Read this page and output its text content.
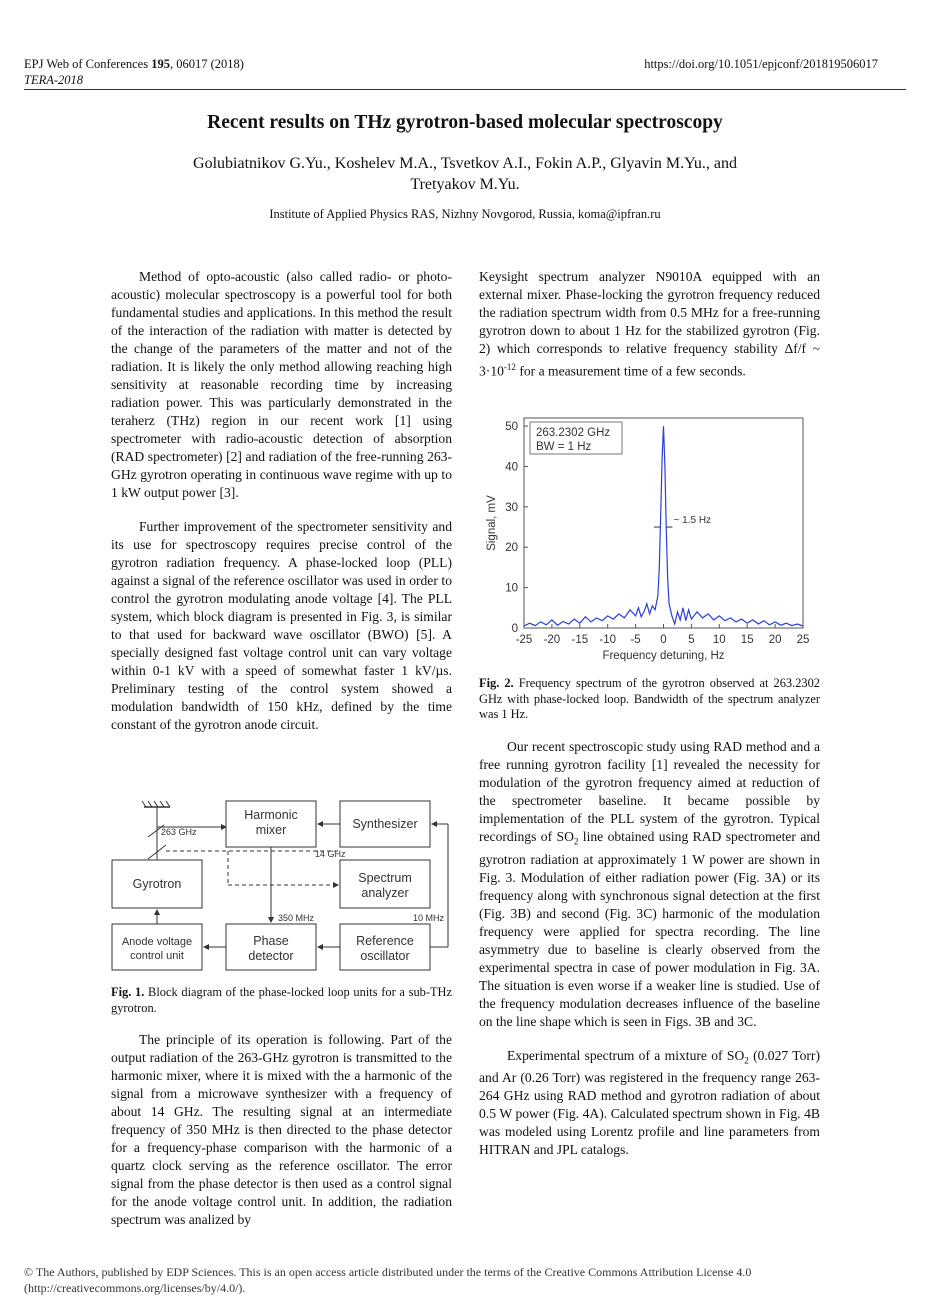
EPJ Web of Conferences 195, 06017 (2018)	https://doi.org/10.1051/epjconf/201819506017
TERA-2018
Recent results on THz gyrotron-based molecular spectroscopy
Golubiatnikov G.Yu., Koshelev M.A., Tsvetkov A.I., Fokin A.P., Glyavin M.Yu., and
Tretyakov M.Yu.
Institute of Applied Physics RAS, Nizhny Novgorod, Russia, koma@ipfran.ru

Method of opto-acoustic (also called radio- or photo-acoustic) molecular spectroscopy is a powerful tool for both fundamental studies and applications. In this method the result of the interaction of the radiation with matter is detected by the change of the parameters of the matter and not of the radiation. It is likely the only method allowing reaching high sensitivity at reasonable recording time by increasing radiation power. This was particularly demonstrated in the teraherz (THz) region in our recent work [1] using spectrometer with radio-acoustic detection of absorption (RAD spectrometer) [2] and radiation of the free-running 263-GHz gyrotron operating in continuous wave regime with up to 1 kW output power [3].

Further improvement of the spectrometer sensitivity and its use for spectroscopy requires precise control of the gyrotron radiation frequency. A phase-locked loop (PLL) against a signal of the reference oscillator was used in order to control the gyrotron modulating anode voltage [4]. The PLL system, which block diagram is presented in Fig. 3, is similar to that used for backward wave oscillator (BWO) [5]. A specially designed fast voltage control unit can vary voltage within 0-1 kV with a speed of somewhat faster 1 kV/µs. Preliminary testing of the control system showed a modulation bandwidth of 150 kHz, defined by the time constant of the gyrotron anode circuit.

Harmonic mixer	Synthesizer
Gyrotron	Spectrum analyzer
Anode voltage control unit
Phase detector
Reference oscillator
263 GHz
14 GHz
350 MHz	10 MHz
Fig. 1. Block diagram of the phase-locked loop units for a sub-THz gyrotron.

The principle of its operation is following. Part of the output radiation of the 263-GHz gyrotron is transmitted to the harmonic mixer, where it is mixed with the a harmonic of the signal from a microwave synthesizer with a frequency of about 14 GHz. The resulting signal at an intermediate frequency of 350 MHz is then directed to the phase detector for a frequency-phase comparison with the harmonic of a quartz clock serving as the reference oscillator. The error signal from the phase detector is then used as a control signal for the anode voltage control unit. In addition, the radiation spectrum was analized by

Keysight spectrum analyzer N9010A equipped with an external mixer. Phase-locking the gyrotron frequency reduced the radiation spectrum width from 0.5 MHz for a free-running gyrotron down to about 1 Hz for the stabilized gyrotron (Fig. 2) which corresponds to relative frequency stability Δf/f ~ $3\cdot 10^{-12}$ for a measurement time of a few seconds.

-25 -20 -15 -10 -5 0 5 10 15 20 25
0
10
20
30
40
50
Frequency detuning, Hz
Signal, mV
263.2302 GHz
BW = 1 Hz
~ 1.5 Hz
Fig. 2. Frequency spectrum of the gyrotron observed at 263.2302 GHz with phase-locked loop. Bandwidth of the spectrum analyzer was 1 Hz.

Our recent spectroscopic study using RAD method and a free running gyrotron facility [1] revealed the necessity for modulation of the gyrotron frequency aimed at reduction of the spectrometer baseline. It became possible by implementation of the PLL system of the gyrotron. Typical recordings of $SO_2$ line obtained using RAD spectrometer and gyrotron radiation at approximately 1 W power are shown in Fig. 3. Modulation of either radiation power (Fig. 3A) or its frequency along with synchronous signal detection at the first (Fig. 3B) and second (Fig. 3C) harmonic of the modulation frequency were applied for spectra recording. The line asymmetry due to baseline is clearly observed from the experimental spectra in case of power modulation in Fig. 3A. The situation is even worse if a weaker line is studied. Use of the frequency modulation decreases influence of the baseline on the line shape which is seen in Figs. 3B and 3C.

Experimental spectrum of a mixture of $SO_2$ (0.027 Torr) and Ar (0.26 Torr) was registered in the frequency range 263-264 GHz using RAD method and gyrotron radiation of about 0.5 W power (Fig. 4A). Calculated spectrum shown in Fig. 4B was modeled using Lorentz profile and line parameters from HITRAN and JPL catalogs.

© The Authors, published by EDP Sciences. This is an open access article distributed under the terms of the Creative Commons Attribution License 4.0
(http://creativecommons.org/licenses/by/4.0/).
